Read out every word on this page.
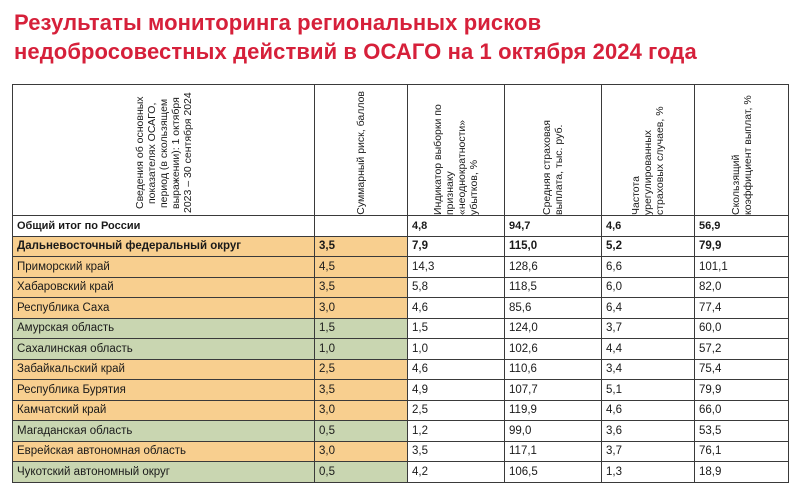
Результаты мониторинга региональных рисков
недобросовестных действий в ОСАГО на 1 октября 2024 года
Сведения об основных показателях ОСАГО, период (в скользящем выражении): 1 октября 2023 – 30 сентября 2024	Суммарный риск, баллов	Индикатор выборки по признаку «неоднократности» убытков, %	Средняя страховая выплата, тыс. руб.	Частота урегулированных страховых случаев, %	Скользящий коэффициент выплат, %

Общий итог по России		4,8	94,7	4,6	56,9
Дальневосточный федеральный округ	3,5	7,9	115,0	5,2	79,9
Приморский край	4,5	14,3	128,6	6,6	101,1
Хабаровский край	3,5	5,8	118,5	6,0	82,0
Республика Саха	3,0	4,6	85,6	6,4	77,4
Амурская область	1,5	1,5	124,0	3,7	60,0
Сахалинская область	1,0	1,0	102,6	4,4	57,2
Забайкальский край	2,5	4,6	110,6	3,4	75,4
Республика Бурятия	3,5	4,9	107,7	5,1	79,9
Камчатский край	3,0	2,5	119,9	4,6	66,0
Магаданская область	0,5	1,2	99,0	3,6	53,5
Еврейская автономная область	3,0	3,5	117,1	3,7	76,1
Чукотский автономный округ	0,5	4,2	106,5	1,3	18,9
